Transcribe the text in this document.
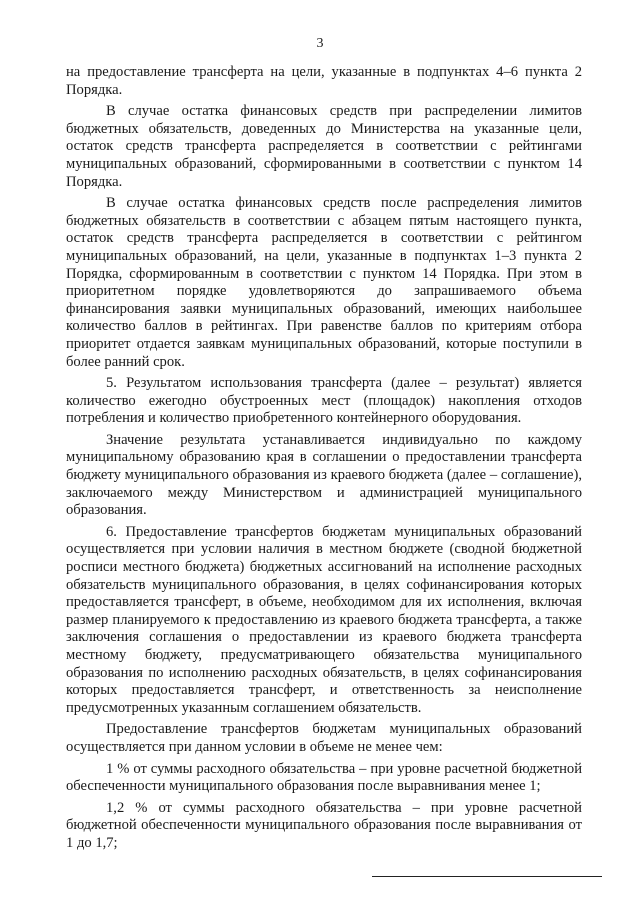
3

на предоставление трансферта на цели, указанные в подпунктах 4–6 пункта 2 Порядка.

В случае остатка финансовых средств при распределении лимитов бюджетных обязательств, доведенных до Министерства на указанные цели, остаток средств трансферта распределяется в соответствии с рейтингами муниципальных образований, сформированными в соответствии с пунктом 14 Порядка.

В случае остатка финансовых средств после распределения лимитов бюджетных обязательств в соответствии с абзацем пятым настоящего пункта, остаток средств трансферта распределяется в соответствии с рейтингом муниципальных образований, на цели, указанные в подпунктах 1–3 пункта 2 Порядка, сформированным в соответствии с пунктом 14 Порядка. При этом в приоритетном порядке удовлетворяются до запрашиваемого объема финансирования заявки муниципальных образований, имеющих наибольшее количество баллов в рейтингах. При равенстве баллов по критериям отбора приоритет отдается заявкам муниципальных образований, которые поступили в более ранний срок.

5. Результатом использования трансферта (далее – результат) является количество ежегодно обустроенных мест (площадок) накопления отходов потребления и количество приобретенного контейнерного оборудования.

Значение результата устанавливается индивидуально по каждому муниципальному образованию края в соглашении о предоставлении трансферта бюджету муниципального образования из краевого бюджета (далее – соглашение), заключаемого между Министерством и администрацией муниципального образования.

6. Предоставление трансфертов бюджетам муниципальных образований осуществляется при условии наличия в местном бюджете (сводной бюджетной росписи местного бюджета) бюджетных ассигнований на исполнение расходных обязательств муниципального образования, в целях софинансирования которых предоставляется трансферт, в объеме, необходимом для их исполнения, включая размер планируемого к предоставлению из краевого бюджета трансферта, а также заключения соглашения о предоставлении из краевого бюджета трансферта местному бюджету, предусматривающего обязательства муниципального образования по исполнению расходных обязательств, в целях софинансирования которых предоставляется трансферт, и ответственность за неисполнение предусмотренных указанным соглашением обязательств.

Предоставление трансфертов бюджетам муниципальных образований осуществляется при данном условии в объеме не менее чем:

1 % от суммы расходного обязательства – при уровне расчетной бюджетной обеспеченности муниципального образования после выравнивания менее 1;

1,2 % от суммы расходного обязательства – при уровне расчетной бюджетной обеспеченности муниципального образования после выравнивания от 1 до 1,7;
